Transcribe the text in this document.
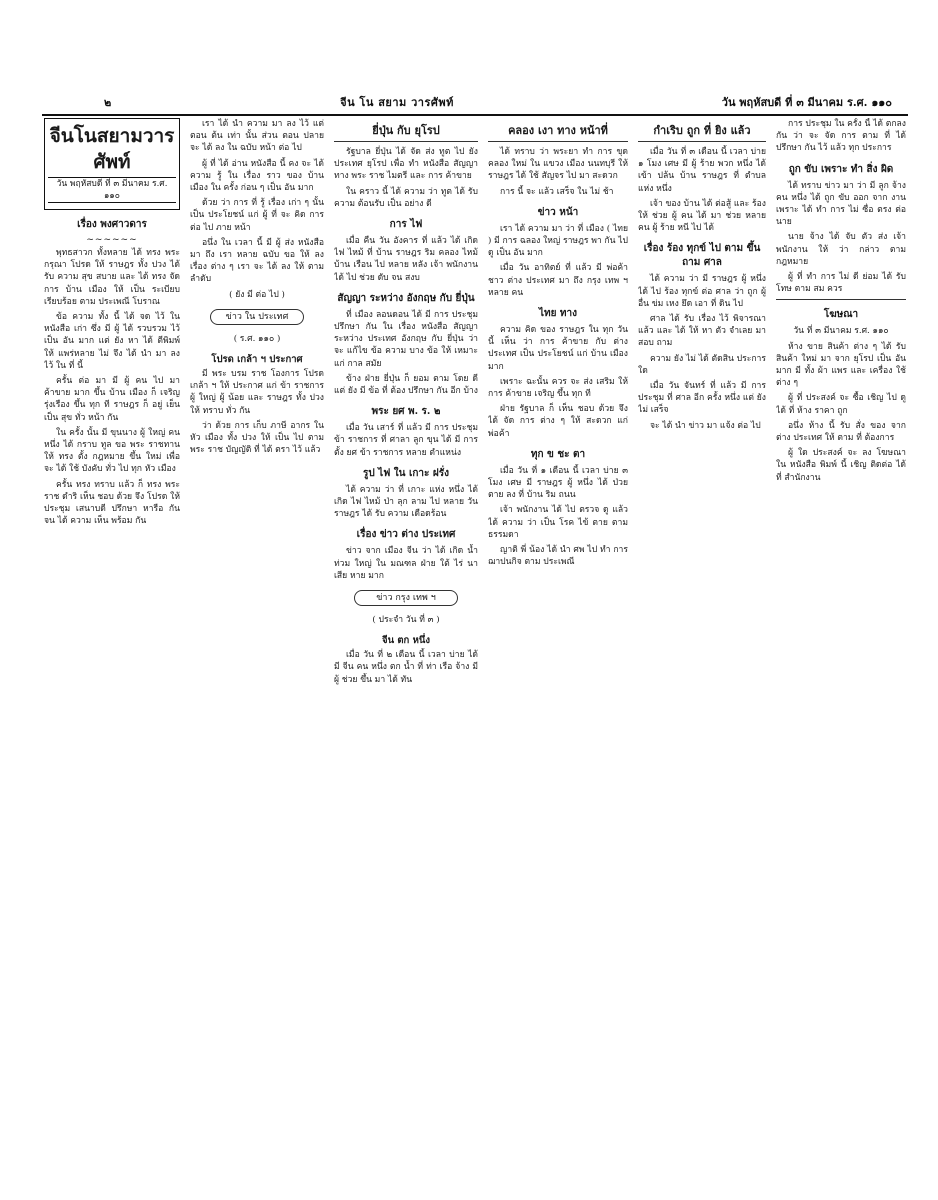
๒	จีน โน สยาม วารศัพท์	วัน พฤหัสบดี ที่ ๓ มีนาคม ร.ศ. ๑๑๐
จีนโนสยามวารศัพท์
วัน พฤหัสบดี ที่ ๓ มีนาคม ร.ศ. ๑๑๐
เรื่อง พงศาวดาร
~~~~~~

พุทธสาวก ทั้งหลาย ได้ ทรง พระ กรุณา โปรด ให้ ราษฎร ทั้ง ปวง ได้ รับ ความ สุข สบาย และ ได้ ทรง จัด การ บ้าน เมือง ให้ เป็น ระเบียบ เรียบร้อย ตาม ประเพณี โบราณ

ข้อ ความ ทั้ง นี้ ได้ จด ไว้ ใน หนังสือ เก่า ซึ่ง มี ผู้ ได้ รวบรวม ไว้ เป็น อัน มาก แต่ ยัง หา ได้ ตีพิมพ์ ให้ แพร่หลาย ไม่ จึง ได้ นำ มา ลง ไว้ ใน ที่ นี้

ครั้น ต่อ มา มี ผู้ คน ไป มา ค้าขาย มาก ขึ้น บ้าน เมือง ก็ เจริญ รุ่งเรือง ขึ้น ทุก ที ราษฎร ก็ อยู่ เย็น เป็น สุข ทั่ว หน้า กัน

ใน ครั้ง นั้น มี ขุนนาง ผู้ ใหญ่ คน หนึ่ง ได้ กราบ ทูล ขอ พระ ราชทาน ให้ ทรง ตั้ง กฎหมาย ขึ้น ใหม่ เพื่อ จะ ได้ ใช้ บังคับ ทั่ว ไป ทุก หัว เมือง

ครั้น ทรง ทราบ แล้ว ก็ ทรง พระ ราช ดำริ เห็น ชอบ ด้วย จึง โปรด ให้ ประชุม เสนาบดี ปรึกษา หารือ กัน จน ได้ ความ เห็น พร้อม กัน

เรา ได้ นำ ความ มา ลง ไว้ แต่ ตอน ต้น เท่า นั้น ส่วน ตอน ปลาย จะ ได้ ลง ใน ฉบับ หน้า ต่อ ไป

ผู้ ที่ ได้ อ่าน หนังสือ นี้ คง จะ ได้ ความ รู้ ใน เรื่อง ราว ของ บ้าน เมือง ใน ครั้ง ก่อน ๆ เป็น อัน มาก

ด้วย ว่า การ ที่ รู้ เรื่อง เก่า ๆ นั้น เป็น ประโยชน์ แก่ ผู้ ที่ จะ คิด การ ต่อ ไป ภาย หน้า

อนึ่ง ใน เวลา นี้ มี ผู้ ส่ง หนังสือ มา ถึง เรา หลาย ฉบับ ขอ ให้ ลง เรื่อง ต่าง ๆ เรา จะ ได้ ลง ให้ ตาม ลำดับ

( ยัง มี ต่อ ไป )
ข่าว ใน ประเทศ
( ร.ศ. ๑๑๐ )
โปรด เกล้า ฯ ประกาศ

มี พระ บรม ราช โองการ โปรด เกล้า ฯ ให้ ประกาศ แก่ ข้า ราชการ ผู้ ใหญ่ ผู้ น้อย และ ราษฎร ทั้ง ปวง ให้ ทราบ ทั่ว กัน

ว่า ด้วย การ เก็บ ภาษี อากร ใน หัว เมือง ทั้ง ปวง ให้ เป็น ไป ตาม พระ ราช บัญญัติ ที่ ได้ ตรา ไว้ แล้ว

ยี่ปุ่น กับ ยุโรป

รัฐบาล ยี่ปุ่น ได้ จัด ส่ง ทูต ไป ยัง ประเทศ ยุโรป เพื่อ ทำ หนังสือ สัญญา ทาง พระ ราช ไมตรี และ การ ค้าขาย

ใน คราว นี้ ได้ ความ ว่า ทูต ได้ รับ ความ ต้อนรับ เป็น อย่าง ดี

การ ไฟ

เมื่อ คืน วัน อังคาร ที่ แล้ว ได้ เกิด ไฟ ไหม้ ที่ บ้าน ราษฎร ริม คลอง ไหม้ บ้าน เรือน ไป หลาย หลัง เจ้า พนักงาน ได้ ไป ช่วย ดับ จน สงบ

สัญญา ระหว่าง อังกฤษ กับ ยี่ปุ่น

ที่ เมือง ลอนดอน ได้ มี การ ประชุม ปรึกษา กัน ใน เรื่อง หนังสือ สัญญา ระหว่าง ประเทศ อังกฤษ กับ ยี่ปุ่น ว่า จะ แก้ไข ข้อ ความ บาง ข้อ ให้ เหมาะ แก่ กาล สมัย

ข้าง ฝ่าย ยี่ปุ่น ก็ ยอม ตาม โดย ดี แต่ ยัง มี ข้อ ที่ ต้อง ปรึกษา กัน อีก บ้าง

พระ ยศ พ. ร. ๒

เมื่อ วัน เสาร์ ที่ แล้ว มี การ ประชุม ข้า ราชการ ที่ ศาลา ลูก ขุน ได้ มี การ ตั้ง ยศ ข้า ราชการ หลาย ตำแหน่ง

รูป ไฟ ใน เกาะ ฝรั่ง

ได้ ความ ว่า ที่ เกาะ แห่ง หนึ่ง ได้ เกิด ไฟ ไหม้ ป่า ลุก ลาม ไป หลาย วัน ราษฎร ได้ รับ ความ เดือดร้อน

เรื่อง ข่าว ต่าง ประเทศ

ข่าว จาก เมือง จีน ว่า ได้ เกิด น้ำ ท่วม ใหญ่ ใน มณฑล ฝ่าย ใต้ ไร่ นา เสีย หาย มาก

ข่าว กรุง เทพ ฯ
( ประจำ วัน ที่ ๓ )
จีน ตก หนึ่ง

เมื่อ วัน ที่ ๒ เดือน นี้ เวลา บ่าย ได้ มี จีน คน หนึ่ง ตก น้ำ ที่ ท่า เรือ จ้าง มี ผู้ ช่วย ขึ้น มา ได้ ทัน

คลอง เงา ทาง หน้าที่

ได้ ทราบ ว่า พระยา ทำ การ ขุด คลอง ใหม่ ใน แขวง เมือง นนทบุรี ให้ ราษฎร ได้ ใช้ สัญจร ไป มา สะดวก

การ นี้ จะ แล้ว เสร็จ ใน ไม่ ช้า

ข่าว หน้า

เรา ได้ ความ มา ว่า ที่ เมือง ( ไทย ) มี การ ฉลอง ใหญ่ ราษฎร พา กัน ไป ดู เป็น อัน มาก

เมื่อ วัน อาทิตย์ ที่ แล้ว มี พ่อค้า ชาว ต่าง ประเทศ มา ถึง กรุง เทพ ฯ หลาย คน

ไทย ทาง

ความ คิด ของ ราษฎร ใน ทุก วัน นี้ เห็น ว่า การ ค้าขาย กับ ต่าง ประเทศ เป็น ประโยชน์ แก่ บ้าน เมือง มาก

เพราะ ฉะนั้น ควร จะ ส่ง เสริม ให้ การ ค้าขาย เจริญ ขึ้น ทุก ที

ฝ่าย รัฐบาล ก็ เห็น ชอบ ด้วย จึง ได้ จัด การ ต่าง ๆ ให้ สะดวก แก่ พ่อค้า

ทุก ข ชะ ตา

เมื่อ วัน ที่ ๑ เดือน นี้ เวลา บ่าย ๓ โมง เศษ มี ราษฎร ผู้ หนึ่ง ได้ ป่วย ตาย ลง ที่ บ้าน ริม ถนน

เจ้า พนักงาน ได้ ไป ตรวจ ดู แล้ว ได้ ความ ว่า เป็น โรค ไข้ ตาย ตาม ธรรมดา

ญาติ พี่ น้อง ได้ นำ ศพ ไป ทำ การ ฌาปนกิจ ตาม ประเพณี

กำเริบ ถูก ที่ ยิง แล้ว

เมื่อ วัน ที่ ๓ เดือน นี้ เวลา บ่าย ๑ โมง เศษ มี ผู้ ร้าย พวก หนึ่ง ได้ เข้า ปล้น บ้าน ราษฎร ที่ ตำบล แห่ง หนึ่ง

เจ้า ของ บ้าน ได้ ต่อสู้ และ ร้อง ให้ ช่วย ผู้ คน ได้ มา ช่วย หลาย คน ผู้ ร้าย หนี ไป ได้

เรื่อง ร้อง ทุกข์ ไป ตาม ขึ้น ถาม ศาล

ได้ ความ ว่า มี ราษฎร ผู้ หนึ่ง ได้ ไป ร้อง ทุกข์ ต่อ ศาล ว่า ถูก ผู้ อื่น ข่ม เหง ยึด เอา ที่ ดิน ไป

ศาล ได้ รับ เรื่อง ไว้ พิจารณา แล้ว และ ได้ ให้ หา ตัว จำเลย มา สอบ ถาม

ความ ยัง ไม่ ได้ ตัดสิน ประการ ใด

เมื่อ วัน จันทร์ ที่ แล้ว มี การ ประชุม ที่ ศาล อีก ครั้ง หนึ่ง แต่ ยัง ไม่ เสร็จ

จะ ได้ นำ ข่าว มา แจ้ง ต่อ ไป

การ ประชุม ใน ครั้ง นี้ ได้ ตกลง กัน ว่า จะ จัด การ ตาม ที่ ได้ ปรึกษา กัน ไว้ แล้ว ทุก ประการ

ถูก ขับ เพราะ ทำ สิ่ง ผิด

ได้ ทราบ ข่าว มา ว่า มี ลูก จ้าง คน หนึ่ง ได้ ถูก ขับ ออก จาก งาน เพราะ ได้ ทำ การ ไม่ ซื่อ ตรง ต่อ นาย

นาย จ้าง ได้ จับ ตัว ส่ง เจ้า พนักงาน ให้ ว่า กล่าว ตาม กฎหมาย

ผู้ ที่ ทำ การ ไม่ ดี ย่อม ได้ รับ โทษ ตาม สม ควร

โฆษณา
วัน ที่ ๓ มีนาคม ร.ศ. ๑๑๐

ห้าง ขาย สินค้า ต่าง ๆ ได้ รับ สินค้า ใหม่ มา จาก ยุโรป เป็น อัน มาก มี ทั้ง ผ้า แพร และ เครื่อง ใช้ ต่าง ๆ

ผู้ ที่ ประสงค์ จะ ซื้อ เชิญ ไป ดู ได้ ที่ ห้าง ราคา ถูก

อนึ่ง ห้าง นี้ รับ สั่ง ของ จาก ต่าง ประเทศ ให้ ตาม ที่ ต้องการ

ผู้ ใด ประสงค์ จะ ลง โฆษณา ใน หนังสือ พิมพ์ นี้ เชิญ ติดต่อ ได้ ที่ สำนักงาน
